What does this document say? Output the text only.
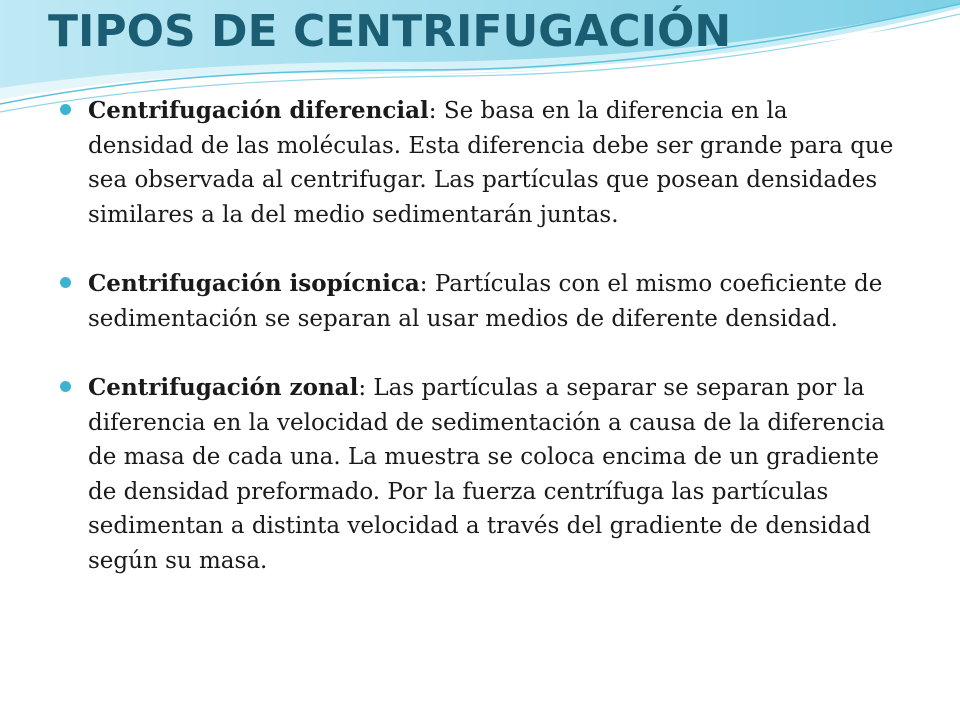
TIPOS DE CENTRIFUGACIÓN
Centrifugación diferencial: Se basa en la diferencia en la densidad de las moléculas. Esta diferencia debe ser grande para que sea observada al centrifugar. Las partículas que posean densidades similares a la del medio sedimentarán juntas.
Centrifugación isopícnica: Partículas con el mismo coeficiente de sedimentación se separan al usar medios de diferente densidad.
Centrifugación zonal: Las partículas a separar se separan por la diferencia en la velocidad de sedimentación a causa de la diferencia de masa de cada una. La muestra se coloca encima de un gradiente de densidad preformado. Por la fuerza centrífuga las partículas sedimentan a distinta velocidad a través del gradiente de densidad según su masa.
